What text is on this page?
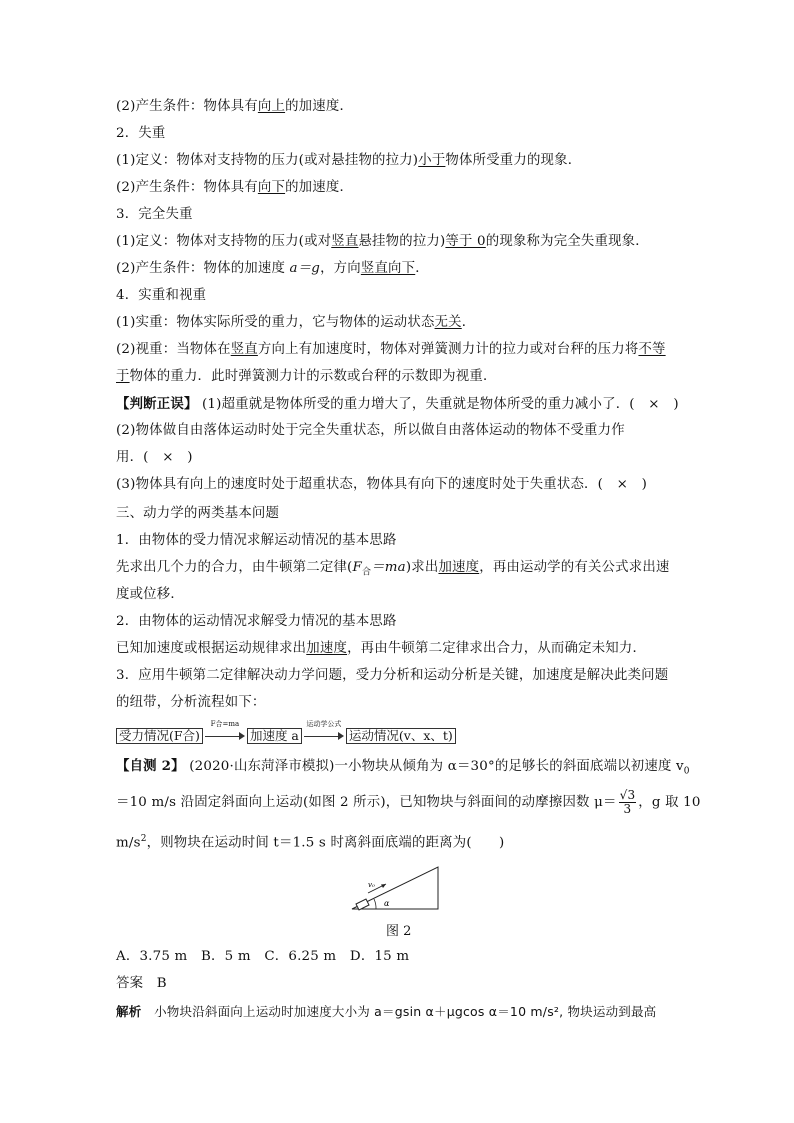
(2)产生条件：物体具有向上的加速度．
2．失重
(1)定义：物体对支持物的压力(或对悬挂物的拉力)小于物体所受重力的现象．
(2)产生条件：物体具有向下的加速度．
3．完全失重
(1)定义：物体对支持物的压力(或对竖直悬挂物的拉力)等于 0的现象称为完全失重现象．
(2)产生条件：物体的加速度 a＝g，方向竖直向下．
4．实重和视重
(1)实重：物体实际所受的重力，它与物体的运动状态无关．
(2)视重：当物体在竖直方向上有加速度时，物体对弹簧测力计的拉力或对台秤的压力将不等
于物体的重力．此时弹簧测力计的示数或台秤的示数即为视重．
【判断正误】 (1)超重就是物体所受的重力增大了，失重就是物体所受的重力减小了．(　×　)
(2)物体做自由落体运动时处于完全失重状态，所以做自由落体运动的物体不受重力作
用．(　×　)
(3)物体具有向上的速度时处于超重状态，物体具有向下的速度时处于失重状态．(　×　)
三、动力学的两类基本问题
1．由物体的受力情况求解运动情况的基本思路
先求出几个力的合力，由牛顿第二定律$(F_合=ma)$求出加速度，再由运动学的有关公式求出速
度或位移．
2．由物体的运动情况求解受力情况的基本思路
已知加速度或根据运动规律求出加速度，再由牛顿第二定律求出合力，从而确定未知力．
3．应用牛顿第二定律解决动力学问题，受力分析和运动分析是关键，加速度是解决此类问题
的纽带，分析流程如下：
受力情况(F合)
F合=ma
加速度 a
运动学公式
运动情况(v、x、t)
【自测 2】 (2020·山东菏泽市模拟)一小物块从倾角为 α＝30°的足够长的斜面底端以初速度 $v_0$
＝10 m/s 沿固定斜面向上运动(如图 2 所示)，已知物块与斜面间的动摩擦因数 $\mu= \frac{√3}{3}$ ，g 取 10
$m/s^2$，则物块在运动时间 t＝1.5 s 时离斜面底端的距离为(　　)
v₀
α
图 2
A．3.75 m　B．5 m　C．6.25 m　D．15 m
答案　B
解析　小物块沿斜面向上运动时加速度大小为 a＝gsin α＋μgcos α＝10 m/s², 物块运动到最高
